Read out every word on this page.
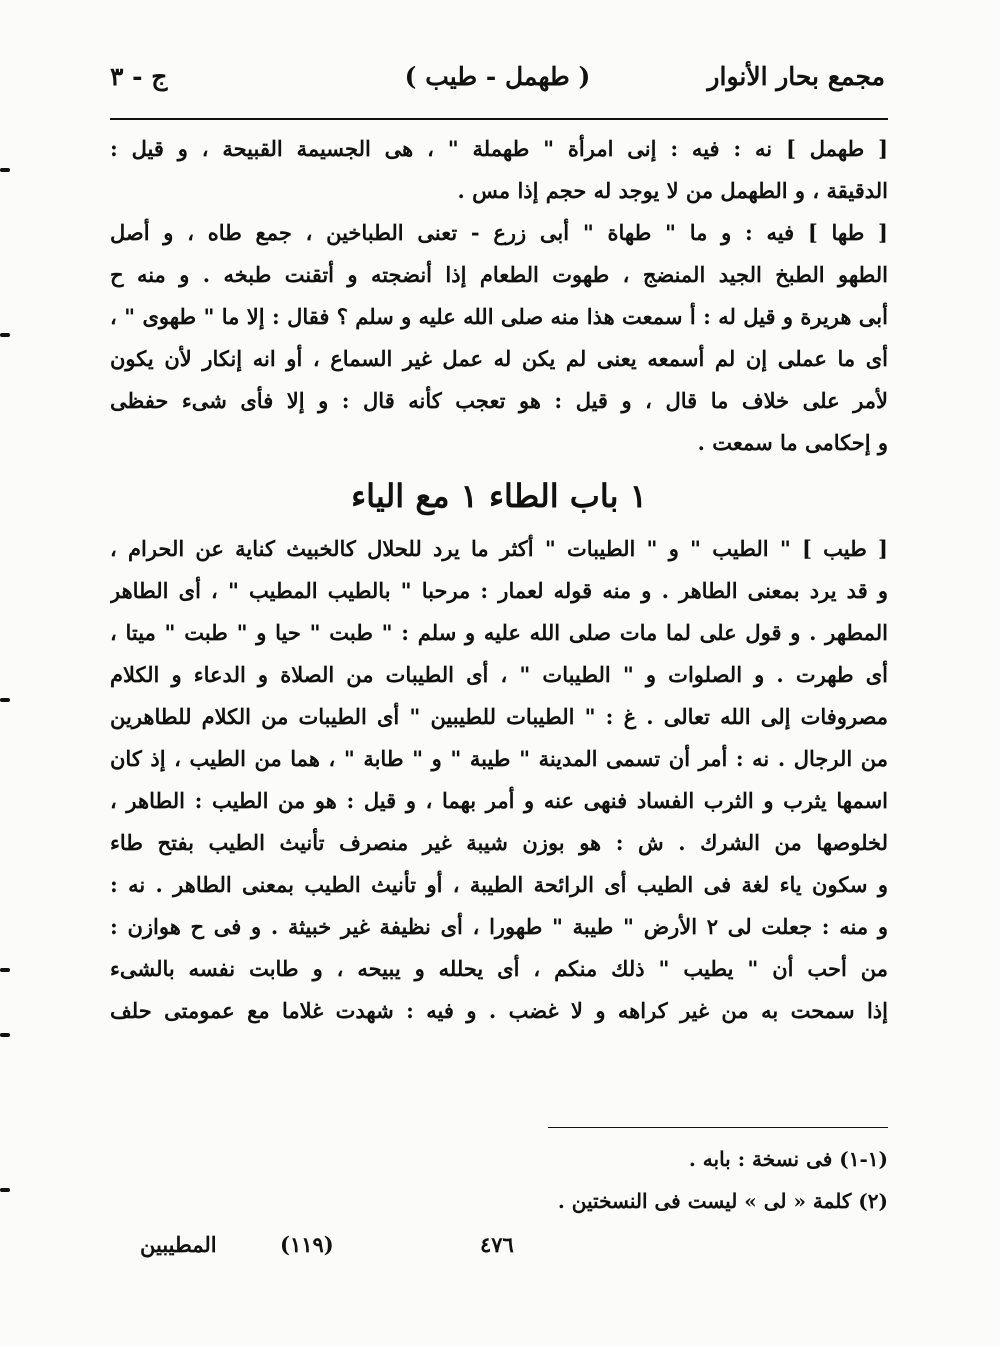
مجمع بحار الأنوار
( طهمل - طيب )
ج - ٣
[ طهمل ] نه : فيه : إنى امرأة " طهملة " ، هى الجسيمة القبيحة ، و قيل :
الدقيقة ، و الطهمل من لا يوجد له حجم إذا مس .
[ طها ] فيه : و ما " طهاة " أبى زرع - تعنى الطباخين ، جمع طاه ، و أصل
الطهو الطبخ الجيد المنضج ، طهوت الطعام إذا أنضجته و أتقنت طبخه . و منه ح
أبى هريرة و قيل له : أ سمعت هذا منه صلى الله عليه و سلم ؟ فقال : إلا ما " طهوى " ،
أى ما عملى إن لم أسمعه يعنى لم يكن له عمل غير السماع ، أو انه إنكار لأن يكون
لأمر على خلاف ما قال ، و قيل : هو تعجب كأنه قال : و إلا فأى شىء حفظى
و إحكامى ما سمعت .
١ باب الطاء ١ مع الياء
[ طيب ] " الطيب " و " الطيبات " أكثر ما يرد للحلال كالخبيث كناية عن الحرام ،
و قد يرد بمعنى الطاهر . و منه قوله لعمار : مرحبا " بالطيب المطيب " ، أى الطاهر
المطهر . و قول على لما مات صلى الله عليه و سلم : " طبت " حيا و " طبت " ميتا ،
أى طهرت . و الصلوات و " الطيبات " ، أى الطيبات من الصلاة و الدعاء و الكلام
مصروفات إلى الله تعالى . غ : " الطيبات للطيبين " أى الطيبات من الكلام للطاهرين
من الرجال . نه : أمر أن تسمى المدينة " طيبة " و " طابة " ، هما من الطيب ، إذ كان
اسمها يثرب و الثرب الفساد فنهى عنه و أمر بهما ، و قيل : هو من الطيب : الطاهر ،
لخلوصها من الشرك . ش : هو بوزن شيبة غير منصرف تأنيث الطيب بفتح طاء
و سكون ياء لغة فى الطيب أى الرائحة الطيبة ، أو تأنيث الطيب بمعنى الطاهر . نه :
و منه : جعلت لى ٢ الأرض " طيبة " طهورا ، أى نظيفة غير خبيثة . و فى ح هوازن :
من أحب أن " يطيب " ذلك منكم ، أى يحلله و يبيحه ، و طابت نفسه بالشىء
إذا سمحت به من غير كراهه و لا غضب . و فيه : شهدت غلاما مع عمومتى حلف
(١-١) فى نسخة : بابه .
(٢) كلمة « لى » ليست فى النسختين .
٤٧٦
(١١٩)
المطيبين
